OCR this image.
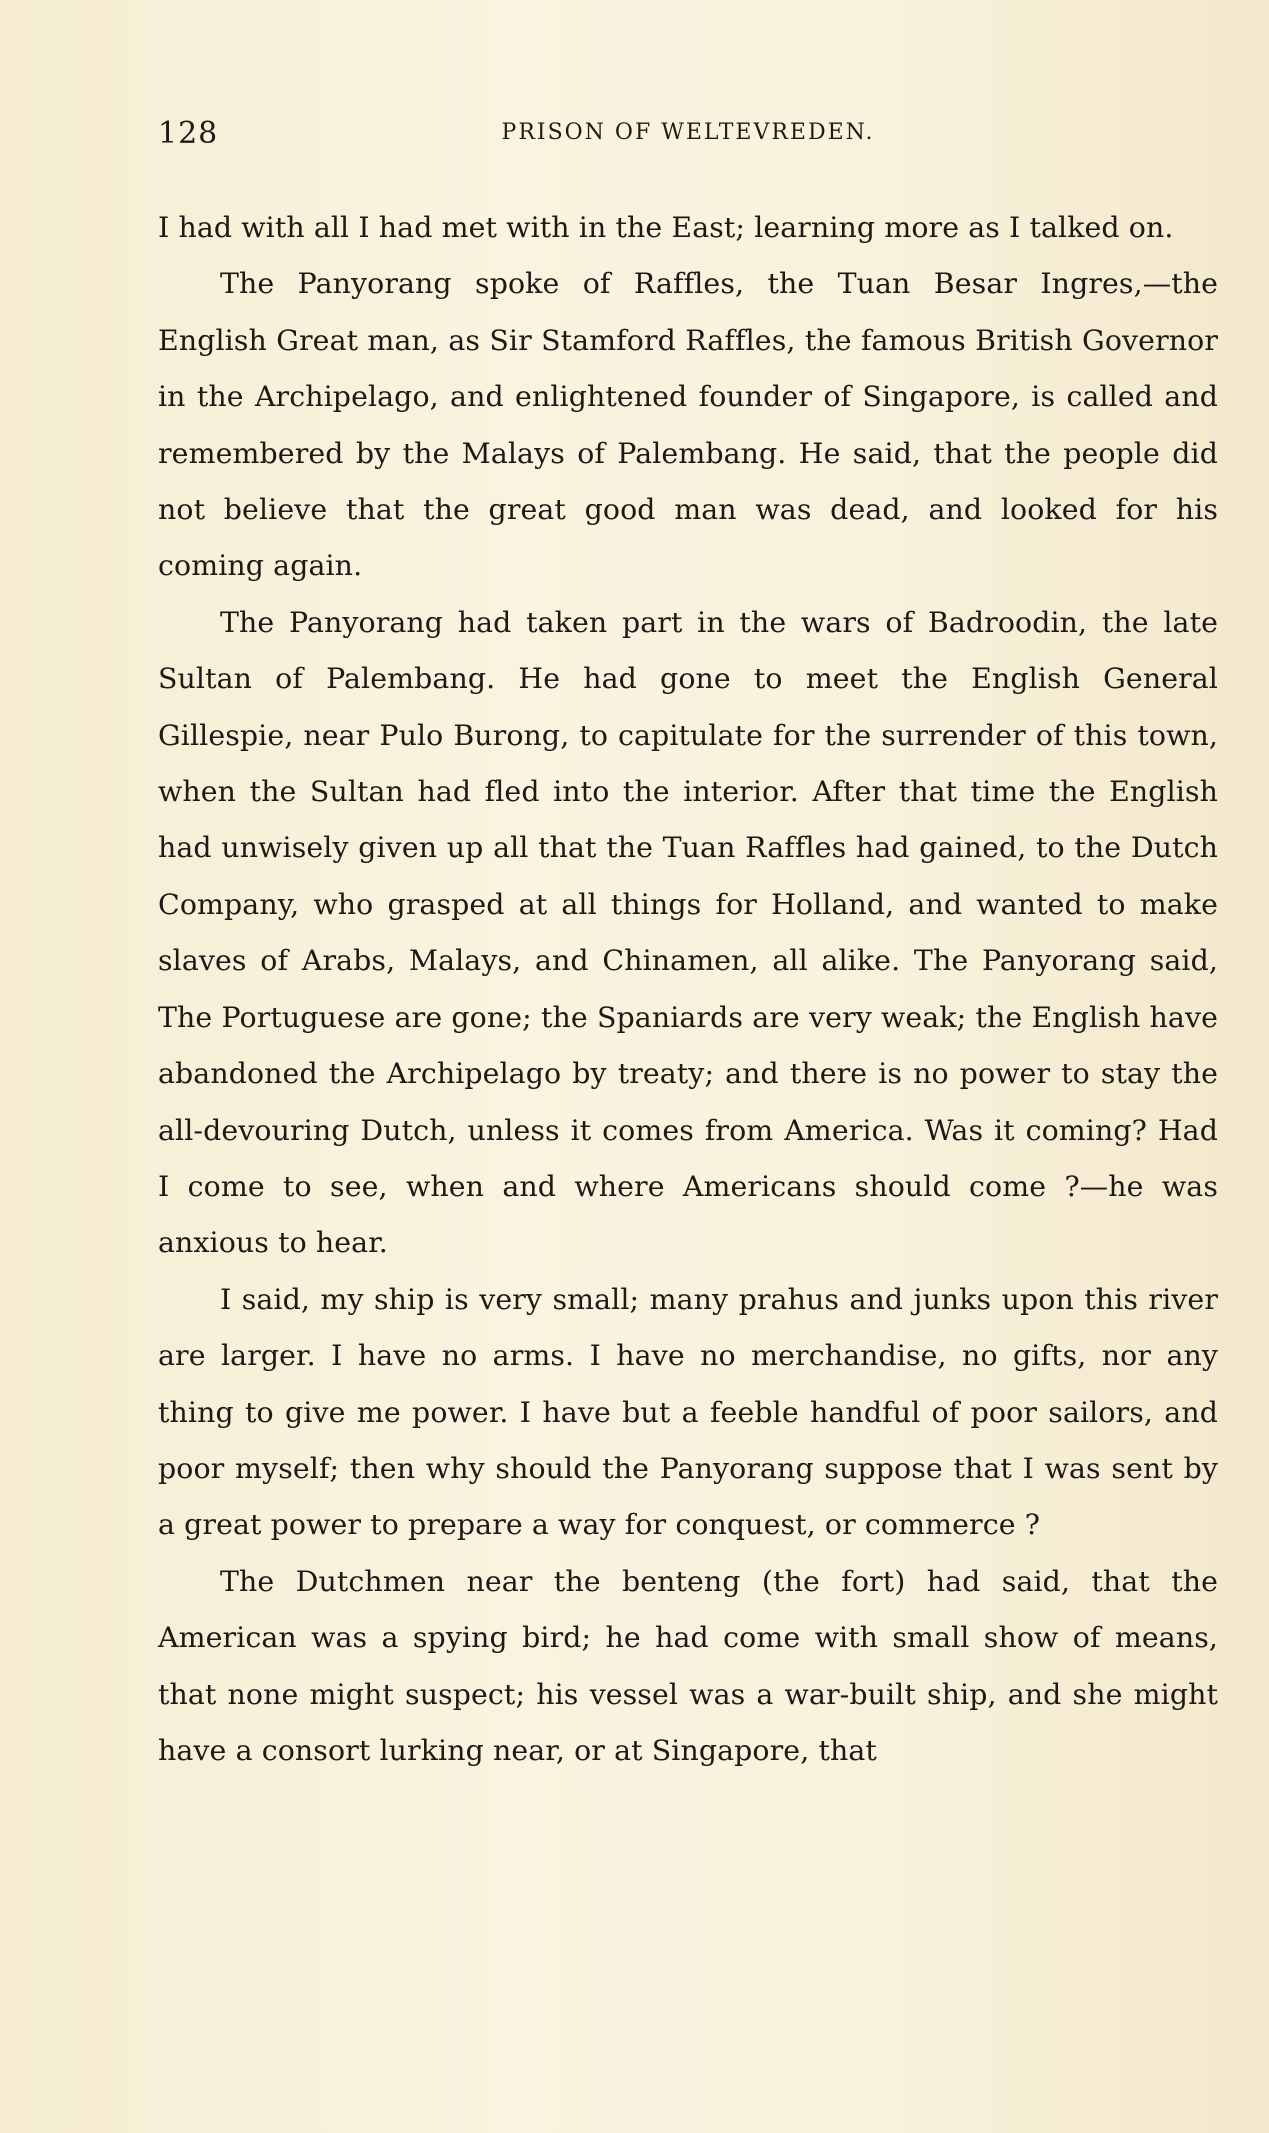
128	PRISON OF WELTEVREDEN.

I had with all I had met with in the East; learning more as I talked on.

The Panyorang spoke of Raffles, the Tuan Besar Ingres,—the English Great man, as Sir Stamford Raffles, the famous British Governor in the Archipelago, and enlightened founder of Singapore, is called and remembered by the Malays of Palembang. He said, that the people did not believe that the great good man was dead, and looked for his coming again.

The Panyorang had taken part in the wars of Badroodin, the late Sultan of Palembang. He had gone to meet the English General Gillespie, near Pulo Burong, to capitulate for the surrender of this town, when the Sultan had fled into the interior. After that time the English had unwisely given up all that the Tuan Raffles had gained, to the Dutch Company, who grasped at all things for Holland, and wanted to make slaves of Arabs, Malays, and Chinamen, all alike. The Panyorang said, The Portuguese are gone; the Spaniards are very weak; the English have abandoned the Archipelago by treaty; and there is no power to stay the all-devouring Dutch, unless it comes from America. Was it coming? Had I come to see, when and where Americans should come ?—he was anxious to hear.

I said, my ship is very small; many prahus and junks upon this river are larger. I have no arms. I have no merchandise, no gifts, nor any thing to give me power. I have but a feeble handful of poor sailors, and poor myself; then why should the Panyorang suppose that I was sent by a great power to prepare a way for conquest, or commerce ?

The Dutchmen near the benteng (the fort) had said, that the American was a spying bird; he had come with small show of means, that none might suspect; his vessel was a war-built ship, and she might have a consort lurking near, or at Singapore, that
